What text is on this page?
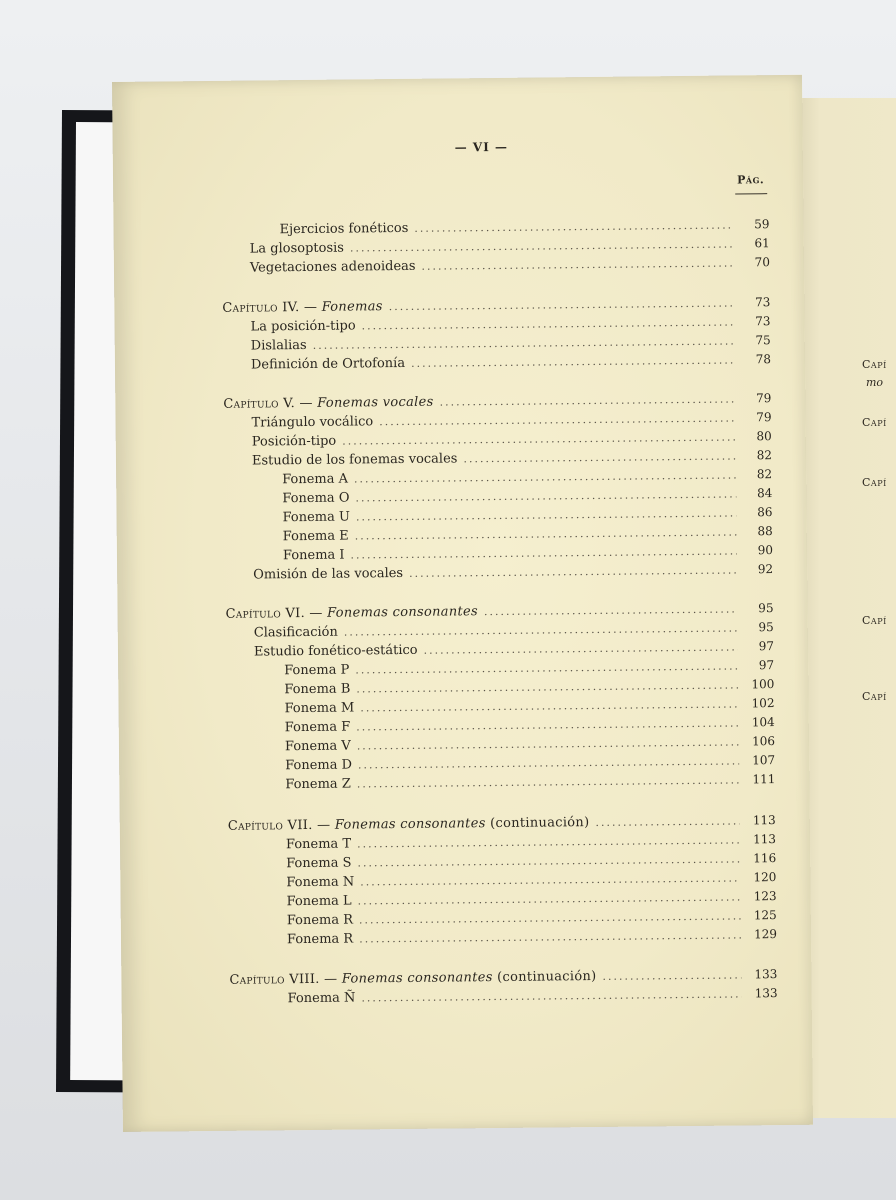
Capí
mo
Capí
Capí
Capí
Capí
— VI —
Pág.
Ejercicios fonéticos .....	59
La glosoptosis .....	61
Vegetaciones adenoideas .....	70
Capítulo IV. — Fonemas .....	73
La posición-tipo .....	73
Dislalias .....	75
Definición de Ortofonía .....	78
Capítulo V. — Fonemas vocales .....	79
Triángulo vocálico .....	79
Posición-tipo .....	80
Estudio de los fonemas vocales .....	82
Fonema A .....	82
Fonema O .....	84
Fonema U .....	86
Fonema E .....	88
Fonema I .....	90
Omisión de las vocales .....	92
Capítulo VI. — Fonemas consonantes .....	95
Clasificación .....	95
Estudio fonético-estático .....	97
Fonema P .....	97
Fonema B .....	100
Fonema M .....	102
Fonema F .....	104
Fonema V .....	106
Fonema D .....	107
Fonema Z .....	111
Capítulo VII. — Fonemas consonantes (continuación) .....	113
Fonema T .....	113
Fonema S .....	116
Fonema N .....	120
Fonema L .....	123
Fonema R .....	125
Fonema R .....	129
Capítulo VIII. — Fonemas consonantes (continuación) .....	133
Fonema Ñ .....	133
